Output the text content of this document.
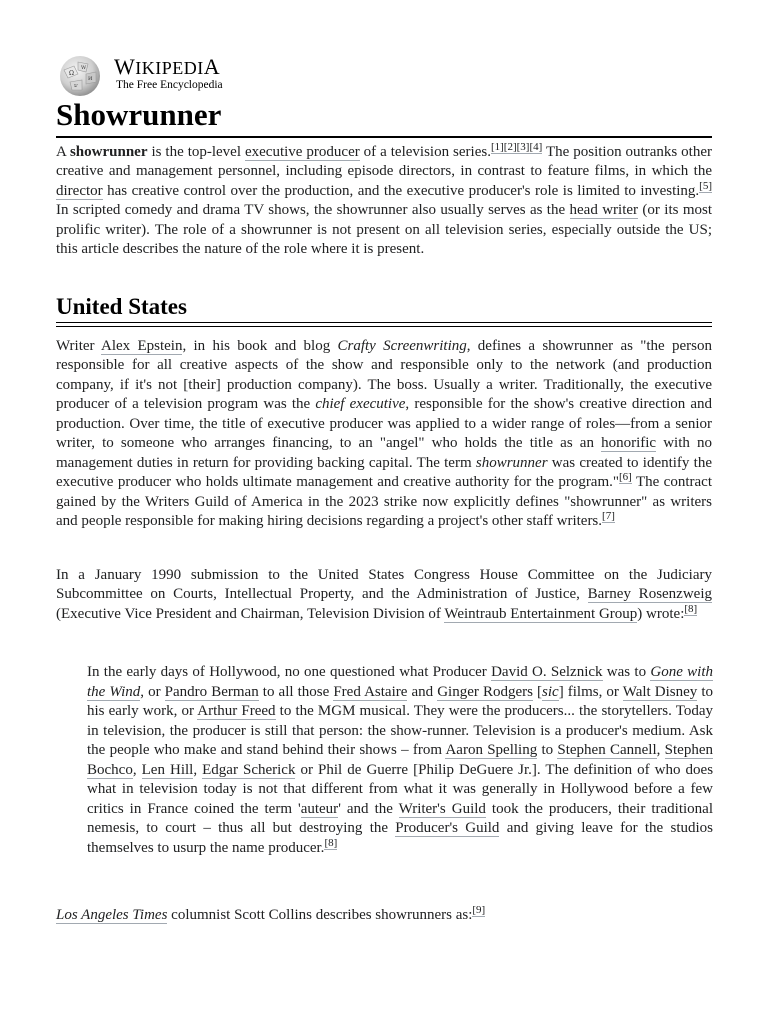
Ω
W
И
ש
WIKIPEDIA
The Free Encyclopedia
Showrunner

A showrunner is the top-level executive producer of a television series.[1][2][3][4] The position outranks other creative and management personnel, including episode directors, in contrast to feature films, in which the director has creative control over the production, and the executive producer's role is limited to investing.[5] In scripted comedy and drama TV shows, the showrunner also usually serves as the head writer (or its most prolific writer). The role of a showrunner is not present on all television series, especially outside the US; this article describes the nature of the role where it is present.

United States

Writer Alex Epstein, in his book and blog Crafty Screenwriting, defines a showrunner as "the person responsible for all creative aspects of the show and responsible only to the network (and production company, if it's not [their] production company). The boss. Usually a writer. Traditionally, the executive producer of a television program was the chief executive, responsible for the show's creative direction and production. Over time, the title of executive producer was applied to a wider range of roles—from a senior writer, to someone who arranges financing, to an "angel" who holds the title as an honorific with no management duties in return for providing backing capital. The term showrunner was created to identify the executive producer who holds ultimate management and creative authority for the program."[6] The contract gained by the Writers Guild of America in the 2023 strike now explicitly defines "showrunner" as writers and people responsible for making hiring decisions regarding a project's other staff writers.[7]

In a January 1990 submission to the United States Congress House Committee on the Judiciary Subcommittee on Courts, Intellectual Property, and the Administration of Justice, Barney Rosenzweig (Executive Vice President and Chairman, Television Division of Weintraub Entertainment Group) wrote:[8]

In the early days of Hollywood, no one questioned what Producer David O. Selznick was to Gone with the Wind, or Pandro Berman to all those Fred Astaire and Ginger Rodgers [sic] films, or Walt Disney to his early work, or Arthur Freed to the MGM musical. They were the producers... the storytellers. Today in television, the producer is still that person: the show-runner. Television is a producer's medium. Ask the people who make and stand behind their shows – from Aaron Spelling to Stephen Cannell, Stephen Bochco, Len Hill, Edgar Scherick or Phil de Guerre [Philip DeGuere Jr.]. The definition of who does what in television today is not that different from what it was generally in Hollywood before a few critics in France coined the term 'auteur' and the Writer's Guild took the producers, their traditional nemesis, to court – thus all but destroying the Producer's Guild and giving leave for the studios themselves to usurp the name producer.[8]

Los Angeles Times columnist Scott Collins describes showrunners as:[9]
